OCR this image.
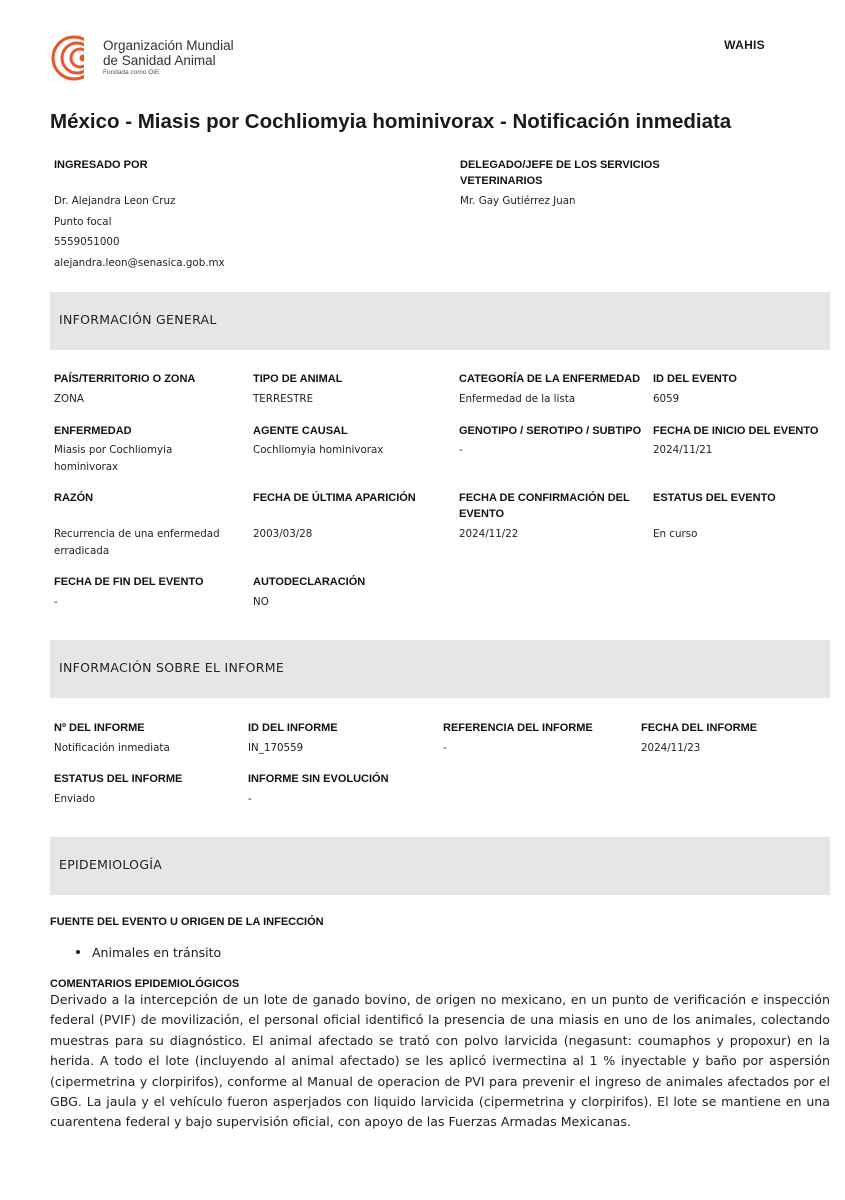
Organización Mundial
de Sanidad Animal
Fundada como OIE
WAHIS
México - Miasis por Cochliomyia hominivorax - Notificación inmediata
INGRESADO POR
Dr. Alejandra Leon Cruz
Punto focal
5559051000
alejandra.leon@senasica.gob.mx
DELEGADO/JEFE DE LOS SERVICIOS
VETERINARIOS
Mr. Gay Gutiérrez Juan
INFORMACIÓN GENERAL
PAÍS/TERRITORIO O ZONA
ZONA
TIPO DE ANIMAL
TERRESTRE
CATEGORÍA DE LA ENFERMEDAD
Enfermedad de la lista
ID DEL EVENTO
6059
ENFERMEDAD
Miasis por Cochliomyia
hominivorax
AGENTE CAUSAL
Cochliomyia hominivorax
GENOTIPO / SEROTIPO / SUBTIPO
-
FECHA DE INICIO DEL EVENTO
2024/11/21
RAZÓN
Recurrencia de una enfermedad
erradicada
FECHA DE ÚLTIMA APARICIÓN
2003/03/28
FECHA DE CONFIRMACIÓN DEL
EVENTO
2024/11/22
ESTATUS DEL EVENTO
En curso
FECHA DE FIN DEL EVENTO
-
AUTODECLARACIÓN
NO
INFORMACIÓN SOBRE EL INFORME
Nº DEL INFORME
Notificación inmediata
ID DEL INFORME
IN_170559
REFERENCIA DEL INFORME
-
FECHA DEL INFORME
2024/11/23
ESTATUS DEL INFORME
Enviado
INFORME SIN EVOLUCIÓN
-
EPIDEMIOLOGÍA
FUENTE DEL EVENTO U ORIGEN DE LA INFECCIÓN
Animales en tránsito
COMENTARIOS EPIDEMIOLÓGICOS
Derivado a la intercepción de un lote de ganado bovino, de origen no mexicano, en un punto de verificación e inspección federal (PVIF) de movilización, el personal oficial identificó la presencia de una miasis en uno de los animales, colectando muestras para su diagnóstico. El animal afectado se trató con polvo larvicida (negasunt: coumaphos y propoxur) en la herida. A todo el lote (incluyendo al animal afectado) se les aplicó ivermectina al 1 % inyectable y baño por aspersión (cipermetrina y clorpirifos), conforme al Manual de operacion de PVI para prevenir el ingreso de animales afectados por el GBG. La jaula y el vehículo fueron asperjados con liquido larvicida (cipermetrina y clorpirifos). El lote se mantiene en una cuarentena federal y bajo supervisión oficial, con apoyo de las Fuerzas Armadas Mexicanas.
